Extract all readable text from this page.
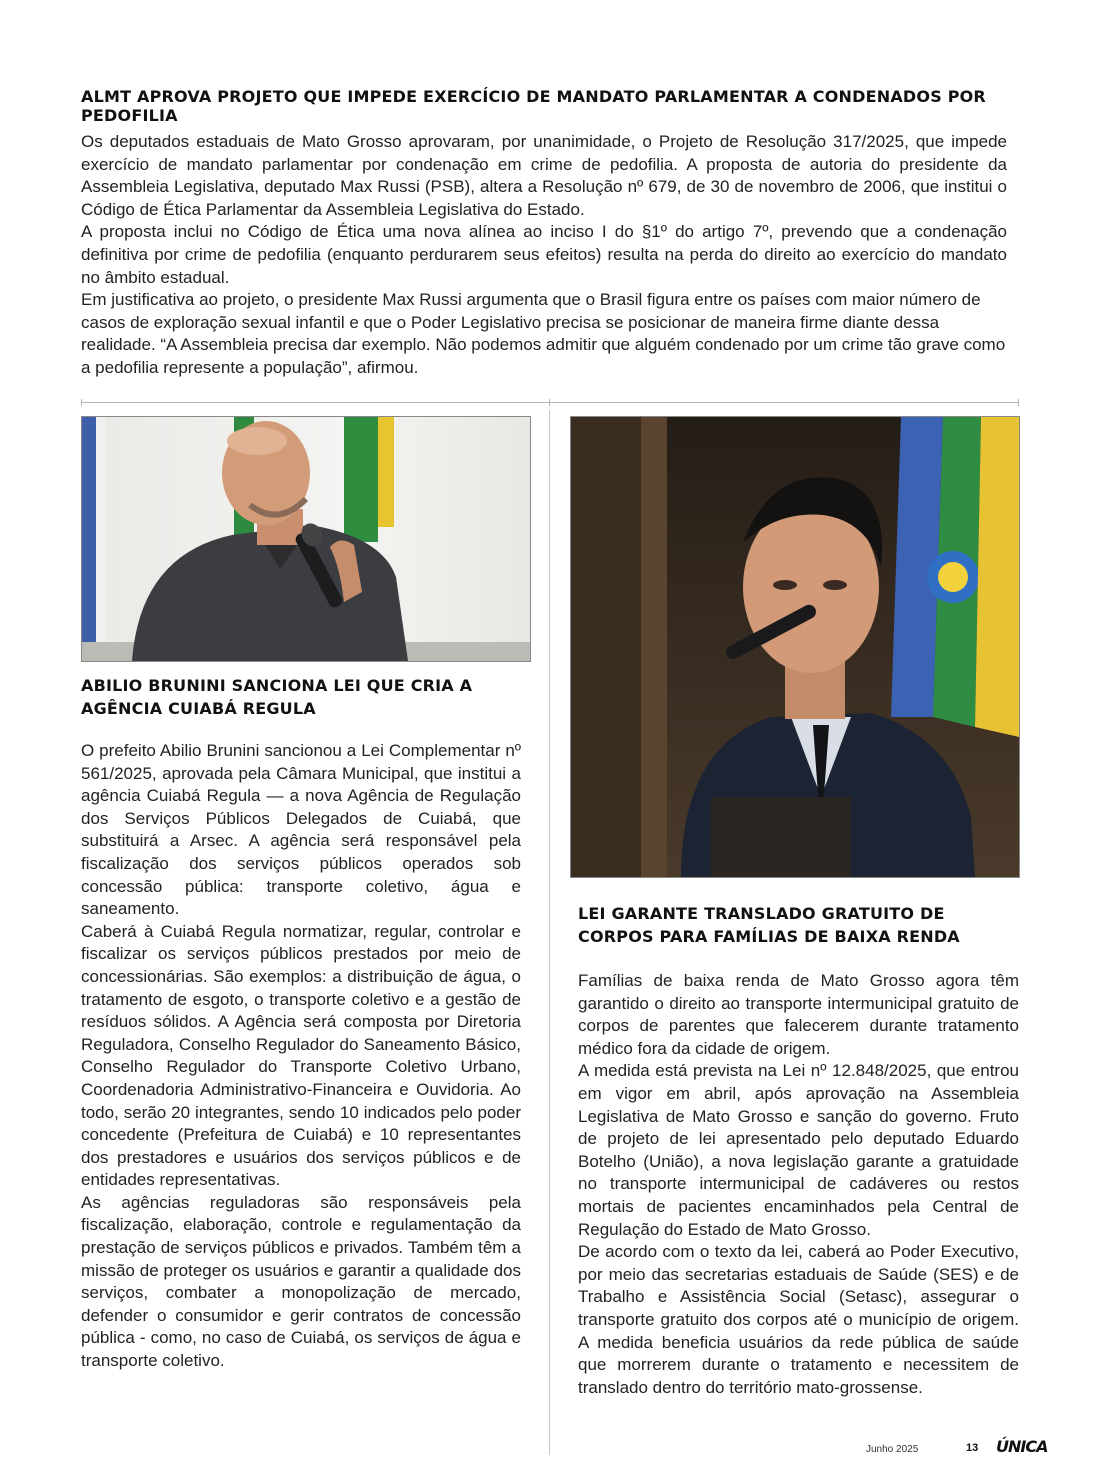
ALMT APROVA PROJETO QUE IMPEDE EXERCÍCIO DE MANDATO PARLAMENTAR A CONDENADOS POR PEDOFILIA

Os deputados estaduais de Mato Grosso aprovaram, por unanimidade, o Projeto de Resolução 317/2025, que impede exercício de mandato parlamentar por condenação em crime de pedofilia. A proposta de autoria do presidente da Assembleia Legislativa, deputado Max Russi (PSB), altera a Resolução nº 679, de 30 de novembro de 2006, que institui o Código de Ética Parlamentar da Assembleia Legislativa do Estado.

A proposta inclui no Código de Ética uma nova alínea ao inciso I do §1º do artigo 7º, prevendo que a condenação definitiva por crime de pedofilia (enquanto perdurarem seus efeitos) resulta na perda do direito ao exercício do mandato no âmbito estadual.

Em justificativa ao projeto, o presidente Max Russi argumenta que o Brasil figura entre os países com maior número de casos de exploração sexual infantil e que o Poder Legislativo precisa se posicionar de maneira firme diante dessa realidade. “A Assembleia precisa dar exemplo. Não podemos admitir que alguém condenado por um crime tão grave como a pedofilia represente a população”, afirmou.

ABILIO BRUNINI SANCIONA LEI QUE CRIA A AGÊNCIA CUIABÁ REGULA

O prefeito Abilio Brunini sancionou a Lei Complementar nº 561/2025, aprovada pela Câmara Municipal, que institui a agência Cuiabá Regula — a nova Agência de Regulação dos Serviços Públicos Delegados de Cuiabá, que substituirá a Arsec. A agência será responsável pela fiscalização dos serviços públicos operados sob concessão pública: transporte coletivo, água e saneamento.

Caberá à Cuiabá Regula normatizar, regular, controlar e fiscalizar os serviços públicos prestados por meio de concessionárias. São exemplos: a distribuição de água, o tratamento de esgoto, o transporte coletivo e a gestão de resíduos sólidos. A Agência será composta por Diretoria Reguladora, Conselho Regulador do Saneamento Básico, Conselho Regulador do Transporte Coletivo Urbano, Coordenadoria Administrativo-Financeira e Ouvidoria. Ao todo, serão 20 integrantes, sendo 10 indicados pelo poder concedente (Prefeitura de Cuiabá) e 10 representantes dos prestadores e usuários dos serviços públicos e de entidades representativas.

As agências reguladoras são responsáveis pela fiscalização, elaboração, controle e regulamentação da prestação de serviços públicos e privados. Também têm a missão de proteger os usuários e garantir a qualidade dos serviços, combater a monopolização de mercado, defender o consumidor e gerir contratos de concessão pública - como, no caso de Cuiabá, os serviços de água e transporte coletivo.

LEI GARANTE TRANSLADO GRATUITO DE CORPOS PARA FAMÍLIAS DE BAIXA RENDA

Famílias de baixa renda de Mato Grosso agora têm garantido o direito ao transporte intermunicipal gratuito de corpos de parentes que falecerem durante tratamento médico fora da cidade de origem.

A medida está prevista na Lei nº 12.848/2025, que entrou em vigor em abril, após aprovação na Assembleia Legislativa de Mato Grosso e sanção do governo. Fruto de projeto de lei apresentado pelo deputado Eduardo Botelho (União), a nova legislação garante a gratuidade no transporte intermunicipal de cadáveres ou restos mortais de pacientes encaminhados pela Central de Regulação do Estado de Mato Grosso.

De acordo com o texto da lei, caberá ao Poder Executivo, por meio das secretarias estaduais de Saúde (SES) e de Trabalho e Assistência Social (Setasc), assegurar o transporte gratuito dos corpos até o município de origem. A medida beneficia usuários da rede pública de saúde que morrerem durante o tratamento e necessitem de translado dentro do território mato-grossense.

Junho 2025	13 ÚNICA
